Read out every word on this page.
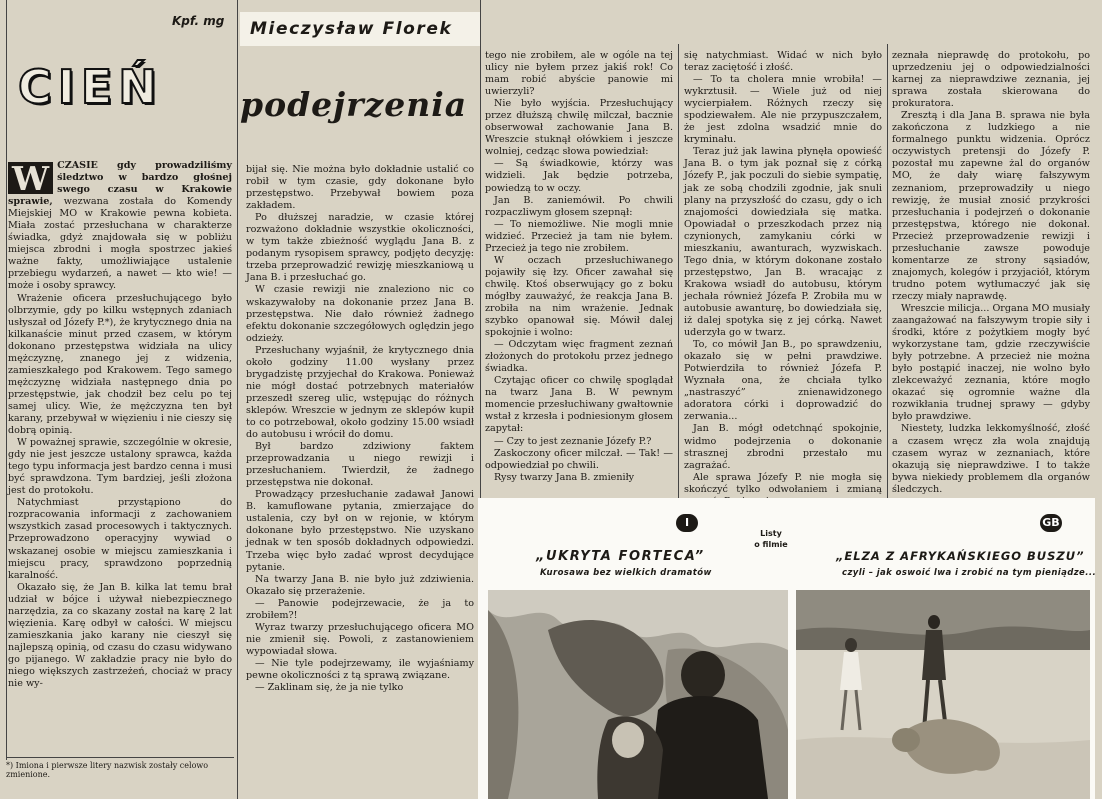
Kpf. mg	Mieczysław Florek
CIEŃ podejrzenia

W CZASIE gdy prowadziliśmy śledztwo w bardzo głośnej swego czasu w Krakowie sprawie, wezwana została do Komendy Miejskiej MO w Krakowie pewna kobieta. Miała zostać przesłuchana w charakterze świadka, gdyż znajdowała się w pobliżu miejsca zbrodni i mogła spostrzec jakieś ważne fakty, umożliwiające ustalenie przebiegu wydarzeń, a nawet — kto wie! — może i osoby sprawcy.

Wrażenie oficera przesłuchującego było olbrzymie, gdy po kilku wstępnych zdaniach usłyszał od Józefy P.*), że krytycznego dnia na kilkanaście minut przed czasem, w którym dokonano przestępstwa widziała na ulicy mężczyznę, znanego jej z widzenia, zamieszkałego pod Krakowem. Tego samego mężczyznę widziała następnego dnia po przestępstwie, jak chodził bez celu po tej samej ulicy. Wie, że mężczyzna ten był karany, przebywał w więzieniu i nie cieszy się dobrą opinią.

W poważnej sprawie, szczególnie w okresie, gdy nie jest jeszcze ustalony sprawca, każda tego typu informacja jest bardzo cenna i musi być sprawdzona. Tym bardziej, jeśli złożona jest do protokołu.

Natychmiast przystąpiono do rozpracowania informacji z zachowaniem wszystkich zasad procesowych i taktycznych. Przeprowadzono operacyjny wywiad o wskazanej osobie w miejscu zamieszkania i miejscu pracy, sprawdzono poprzednią karalność.

Okazało się, że Jan B. kilka lat temu brał udział w bójce i używał niebezpiecznego narzędzia, za co skazany został na karę 2 lat więzienia. Karę odbył w całości. W miejscu zamieszkania jako karany nie cieszył się najlepszą opinią, od czasu do czasu widywano go pijanego. W zakładzie pracy nie było do niego większych zastrzeżeń, chociaż w pracy nie wy-

*) Imiona i pierwsze litery nazwisk zostały celowo zmienione.

bijał się. Nie można było dokładnie ustalić co robił w tym czasie, gdy dokonane było przestępstwo. Przebywał bowiem poza zakładem.

Po dłuższej naradzie, w czasie której rozważono dokładnie wszystkie okoliczności, w tym także zbieżność wyglądu Jana B. z podanym rysopisem sprawcy, podjęto decyzję: trzeba przeprowadzić rewizję mieszkaniową u Jana B. i przesłuchać go.

W czasie rewizji nie znaleziono nic co wskazywałoby na dokonanie przez Jana B. przestępstwa. Nie dało również żadnego efektu dokonanie szczegółowych oględzin jego odzieży.

Przesłuchany wyjaśnił, że krytycznego dnia około godziny 11.00 wysłany przez brygadzistę przyjechał do Krakowa. Ponieważ nie mógł dostać potrzebnych materiałów przeszedł szereg ulic, wstępując do różnych sklepów. Wreszcie w jednym ze sklepów kupił to co potrzebował, około godziny 15.00 wsiadł do autobusu i wrócił do domu.

Był bardzo zdziwiony faktem przeprowadzania u niego rewizji i przesłuchaniem. Twierdził, że żadnego przestępstwa nie dokonał.

Prowadzący przesłuchanie zadawał Janowi B. kamuflowane pytania, zmierzające do ustalenia, czy był on w rejonie, w którym dokonane było przestępstwo. Nie uzyskano jednak w ten sposób dokładnych odpowiedzi. Trzeba więc było zadać wprost decydujące pytanie.

Na twarzy Jana B. nie było już zdziwienia. Okazało się przerażenie.

— Panowie podejrzewacie, że ja to zrobiłem?!

Wyraz twarzy przesłuchującego oficera MO nie zmienił się. Powoli, z zastanowieniem wypowiadał słowa.

— Nie tyle podejrzewamy, ile wyjaśniamy pewne okoliczności z tą sprawą związane.

— Zaklinam się, że ja nie tylko

tego nie zrobiłem, ale w ogóle na tej ulicy nie byłem przez jakiś rok! Co mam robić abyście panowie mi uwierzyli?

Nie było wyjścia. Przesłuchujący przez dłuższą chwilę milczał, bacznie obserwował zachowanie Jana B. Wreszcie stuknął ołówkiem i jeszcze wolniej, cedząc słowa powiedział:

— Są świadkowie, którzy was widzieli. Jak będzie potrzeba, powiedzą to w oczy.

Jan B. zaniemówił. Po chwili rozpaczliwym głosem szepnął:

— To niemożliwe. Nie mogli mnie widzieć. Przecież ja tam nie byłem. Przecież ja tego nie zrobiłem.

W oczach przesłuchiwanego pojawiły się łzy. Oficer zawahał się chwilę. Ktoś obserwujący go z boku mógłby zauważyć, że reakcja Jana B. zrobiła na nim wrażenie. Jednak szybko opanował się. Mówił dalej spokojnie i wolno:

— Odczytam więc fragment zeznań złożonych do protokołu przez jednego świadka.

Czytając oficer co chwilę spoglądał na twarz Jana B. W pewnym momencie przesłuchiwany gwałtownie wstał z krzesła i podniesionym głosem zapytał:

— Czy to jest zeznanie Józefy P.?

Zaskoczony oficer milczał. — Tak! — odpowiedział po chwili.

Rysy twarzy Jana B. zmieniły

się natychmiast. Widać w nich było teraz zaciętość i złość.

— To ta cholera mnie wrobiła! — wykrztusił. — Wiele już od niej wycierpiałem. Różnych rzeczy się spodziewałem. Ale nie przypuszczałem, że jest zdolna wsadzić mnie do kryminału.

Teraz już jak lawina płynęła opowieść Jana B. o tym jak poznał się z córką Józefy P., jak poczuli do siebie sympatię, jak ze sobą chodzili zgodnie, jak snuli plany na przyszłość do czasu, gdy o ich znajomości dowiedziała się matka. Opowiadał o przeszkodach przez nią czynionych, zamykaniu córki w mieszkaniu, awanturach, wyzwiskach. Tego dnia, w którym dokonane zostało przestępstwo, Jan B. wracając z Krakowa wsiadł do autobusu, którym jechała również Józefa P. Zrobiła mu w autobusie awanturę, bo dowiedziała się, iż dalej spotyka się z jej córką. Nawet uderzyła go w twarz.

To, co mówił Jan B., po sprawdzeniu, okazało się w pełni prawdziwe. Potwierdziła to również Józefa P. Wyznała ona, że chciała tylko „nastraszyć” znienawidzonego adoratora córki i doprowadzić do zerwania...

Jan B. mógł odetchnąć spokojnie, widmo podejrzenia o dokonanie strasznej zbrodni przestało mu zagrażać.

Ale sprawa Józefy P. nie mogła się skończyć tylko odwołaniem i zmianą

zeznała nieprawdę do protokołu, po uprzedzeniu jej o odpowiedzialności karnej za nieprawdziwe zeznania, jej sprawa została skierowana do prokuratora.

Zresztą i dla Jana B. sprawa nie była zakończona z ludzkiego a nie formalnego punktu widzenia. Oprócz oczywistych pretensji do Józefy P. pozostał mu zapewne żal do organów MO, że dały wiarę fałszywym zeznaniom, przeprowadziły u niego rewizję, że musiał znosić przykrości przesłuchania i podejrzeń o dokonanie przestępstwa, którego nie dokonał. Przecież przeprowadzenie rewizji i przesłuchanie zawsze powoduje komentarze ze strony sąsiadów, znajomych, kolegów i przyjaciół, którym trudno potem wytłumaczyć jak się rzeczy miały naprawdę.

Wreszcie milicja... Organa MO musiały zaangażować na fałszywym tropie siły i środki, które z pożytkiem mogły być wykorzystane tam, gdzie rzeczywiście były potrzebne. A przecież nie można było postąpić inaczej, nie wolno było zlekceważyć zeznania, które mogło okazać się ogromnie ważne dla rozwikłania trudnej sprawy — gdyby było prawdziwe.

Niestety, ludzka lekkomyślność, złość a czasem wręcz zła wola znajdują czasem wyraz w zeznaniach, które okazują się nieprawdziwe. I to także bywa niekiedy problemem dla organów śledczych.

I	GB
„UKRYTA FORTECA”
Kurosawa bez wielkich dramatów
Listy
o filmie
„ELZA Z AFRYKAŃSKIEGO BUSZU”
czyli – jak oswoić lwa i zrobić na tym pieniądze...
